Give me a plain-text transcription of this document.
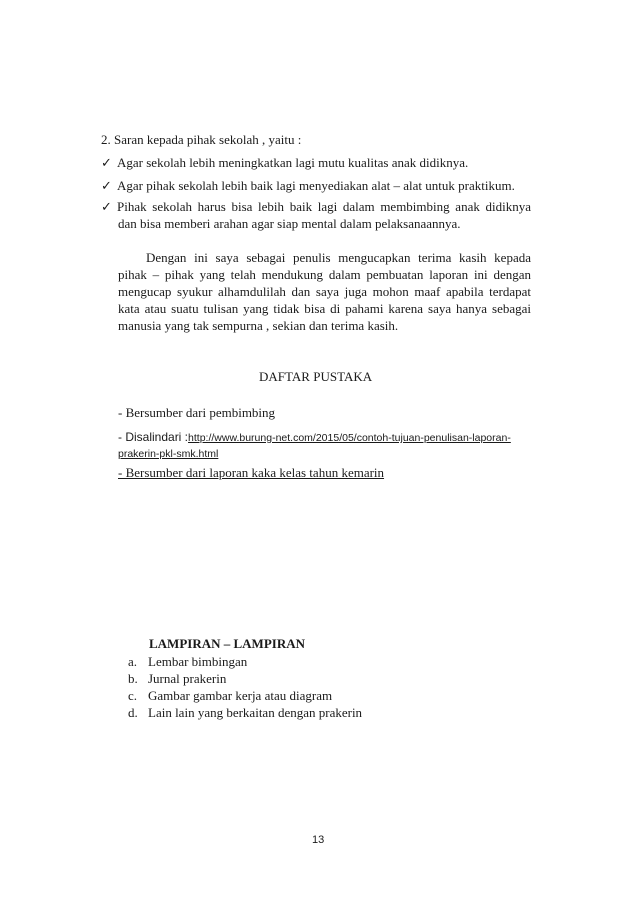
2. Saran kepada pihak sekolah , yaitu :
✓ Agar sekolah lebih meningkatkan lagi mutu kualitas anak didiknya.
✓ Agar pihak sekolah lebih baik lagi menyediakan alat – alat untuk praktikum.
✓ Pihak sekolah harus bisa lebih baik lagi dalam membimbing anak didiknya
dan bisa memberi arahan agar siap mental dalam pelaksanaannya.
Dengan ini saya sebagai penulis mengucapkan terima kasih kepada
pihak – pihak yang telah mendukung dalam pembuatan laporan ini dengan
mengucap syukur alhamdulilah dan saya juga mohon maaf apabila terdapat
kata atau suatu tulisan yang tidak bisa di pahami karena saya hanya sebagai
manusia yang tak sempurna , sekian dan terima kasih.
DAFTAR PUSTAKA
- Bersumber dari pembimbing
- Disalindari :http://www.burung-net.com/2015/05/contoh-tujuan-penulisan-laporan-
prakerin-pkl-smk.html
- Bersumber dari laporan kaka kelas tahun kemarin
LAMPIRAN – LAMPIRAN
a. Lembar bimbingan
b. Jurnal prakerin
c. Gambar gambar kerja atau diagram
d. Lain lain yang berkaitan dengan prakerin
13
